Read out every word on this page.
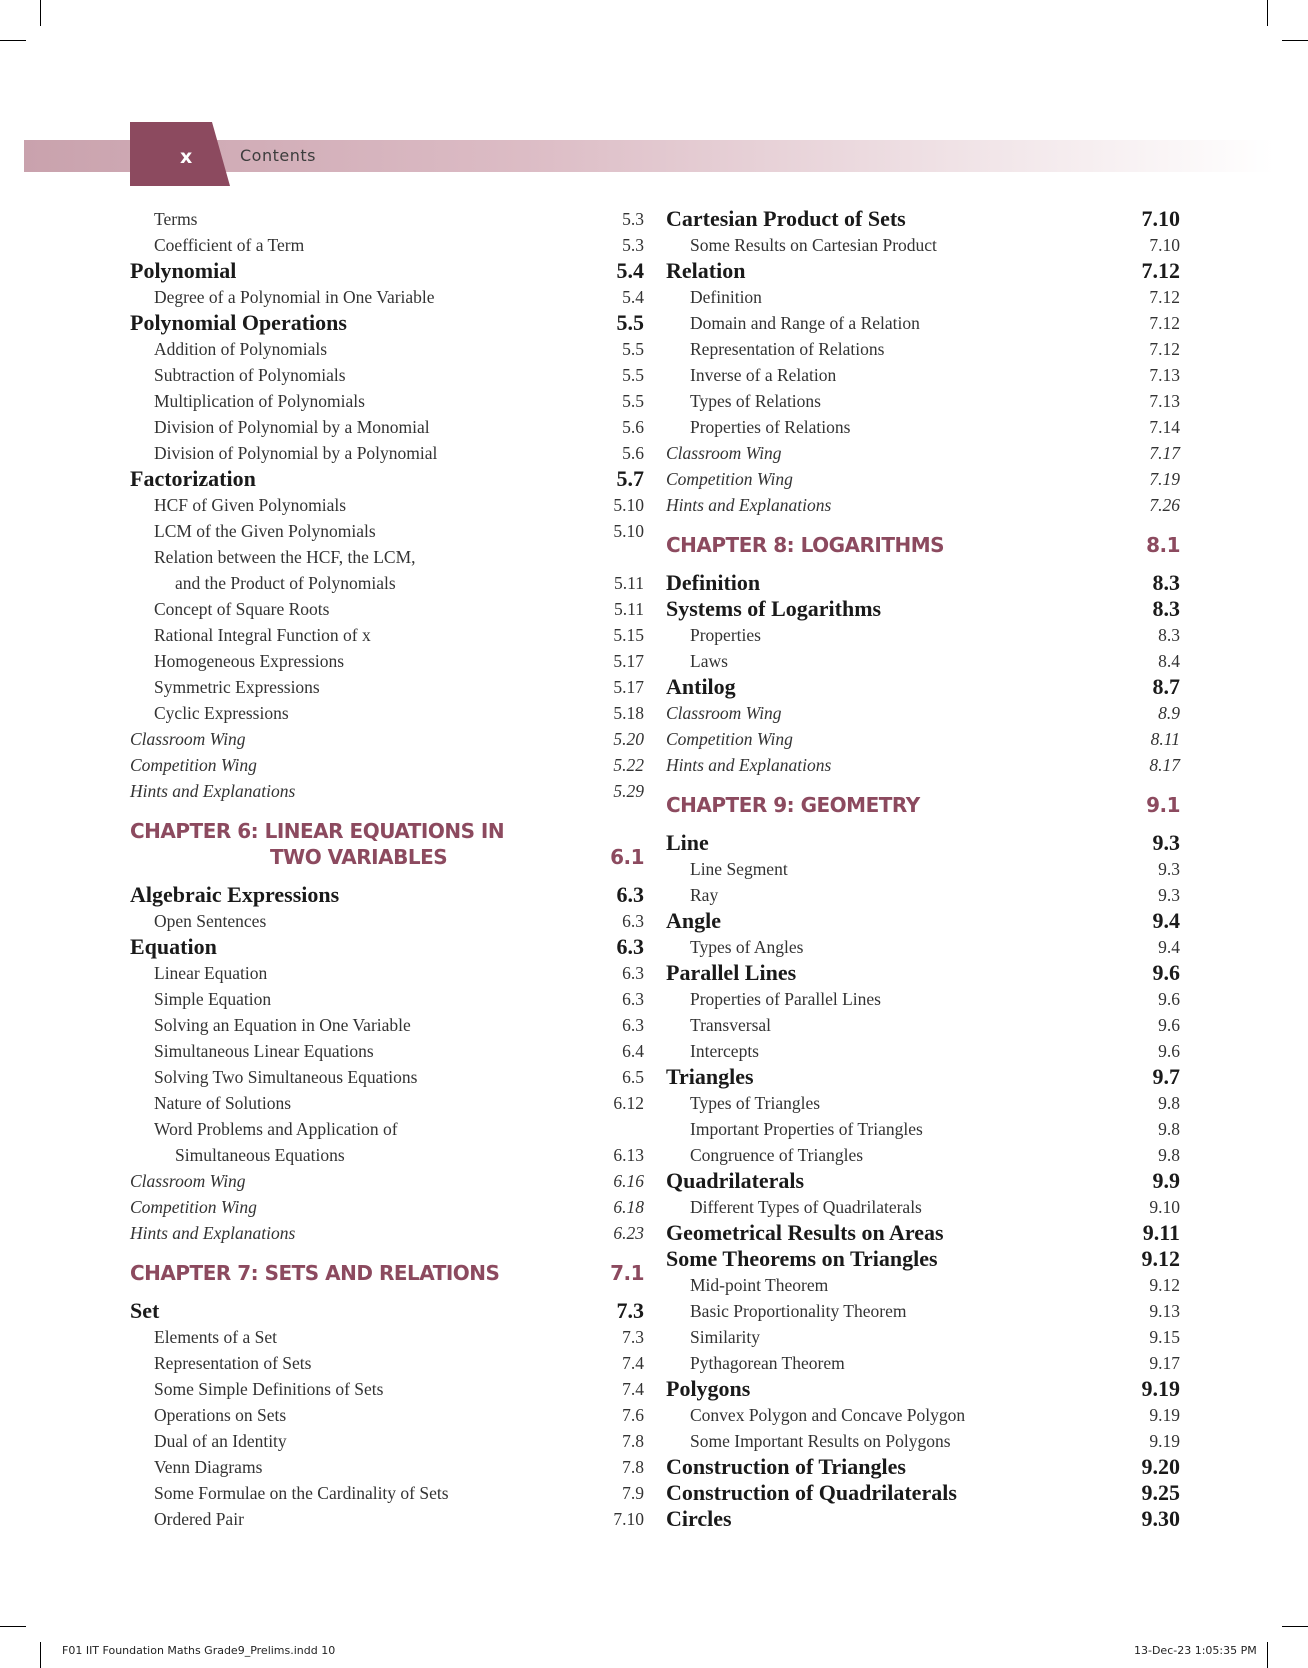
x	Contents
Terms	5.3
Coefficient of a Term	5.3
Polynomial	5.4
Degree of a Polynomial in One Variable	5.4
Polynomial Operations	5.5
Addition of Polynomials	5.5
Subtraction of Polynomials	5.5
Multiplication of Polynomials	5.5
Division of Polynomial by a Monomial	5.6
Division of Polynomial by a Polynomial	5.6
Factorization	5.7
HCF of Given Polynomials	5.10
LCM of the Given Polynomials	5.10
Relation between the HCF, the LCM,
and the Product of Polynomials	5.11
Concept of Square Roots	5.11
Rational Integral Function of x	5.15
Homogeneous Expressions	5.17
Symmetric Expressions	5.17
Cyclic Expressions	5.18
Classroom Wing	5.20
Competition Wing	5.22
Hints and Explanations	5.29
CHAPTER 6: LINEAR EQUATIONS IN
TWO VARIABLES	6.1
Algebraic Expressions	6.3
Open Sentences	6.3
Equation	6.3
Linear Equation	6.3
Simple Equation	6.3
Solving an Equation in One Variable	6.3
Simultaneous Linear Equations	6.4
Solving Two Simultaneous Equations	6.5
Nature of Solutions	6.12
Word Problems and Application of
Simultaneous Equations	6.13
Classroom Wing	6.16
Competition Wing	6.18
Hints and Explanations	6.23
CHAPTER 7: SETS AND RELATIONS	7.1
Set	7.3
Elements of a Set	7.3
Representation of Sets	7.4
Some Simple Definitions of Sets	7.4
Operations on Sets	7.6
Dual of an Identity	7.8
Venn Diagrams	7.8
Some Formulae on the Cardinality of Sets	7.9
Ordered Pair	7.10
Cartesian Product of Sets	7.10
Some Results on Cartesian Product	7.10
Relation	7.12
Definition	7.12
Domain and Range of a Relation	7.12
Representation of Relations	7.12
Inverse of a Relation	7.13
Types of Relations	7.13
Properties of Relations	7.14
Classroom Wing	7.17
Competition Wing	7.19
Hints and Explanations	7.26
CHAPTER 8: LOGARITHMS	8.1
Definition	8.3
Systems of Logarithms	8.3
Properties	8.3
Laws	8.4
Antilog	8.7
Classroom Wing	8.9
Competition Wing	8.11
Hints and Explanations	8.17
CHAPTER 9: GEOMETRY	9.1
Line	9.3
Line Segment	9.3
Ray	9.3
Angle	9.4
Types of Angles	9.4
Parallel Lines	9.6
Properties of Parallel Lines	9.6
Transversal	9.6
Intercepts	9.6
Triangles	9.7
Types of Triangles	9.8
Important Properties of Triangles	9.8
Congruence of Triangles	9.8
Quadrilaterals	9.9
Different Types of Quadrilaterals	9.10
Geometrical Results on Areas	9.11
Some Theorems on Triangles	9.12
Mid-point Theorem	9.12
Basic Proportionality Theorem	9.13
Similarity	9.15
Pythagorean Theorem	9.17
Polygons	9.19
Convex Polygon and Concave Polygon	9.19
Some Important Results on Polygons	9.19
Construction of Triangles	9.20
Construction of Quadrilaterals	9.25
Circles	9.30
F01 IIT Foundation Maths Grade9_Prelims.indd 10	13-Dec-23 1:05:35 PM
